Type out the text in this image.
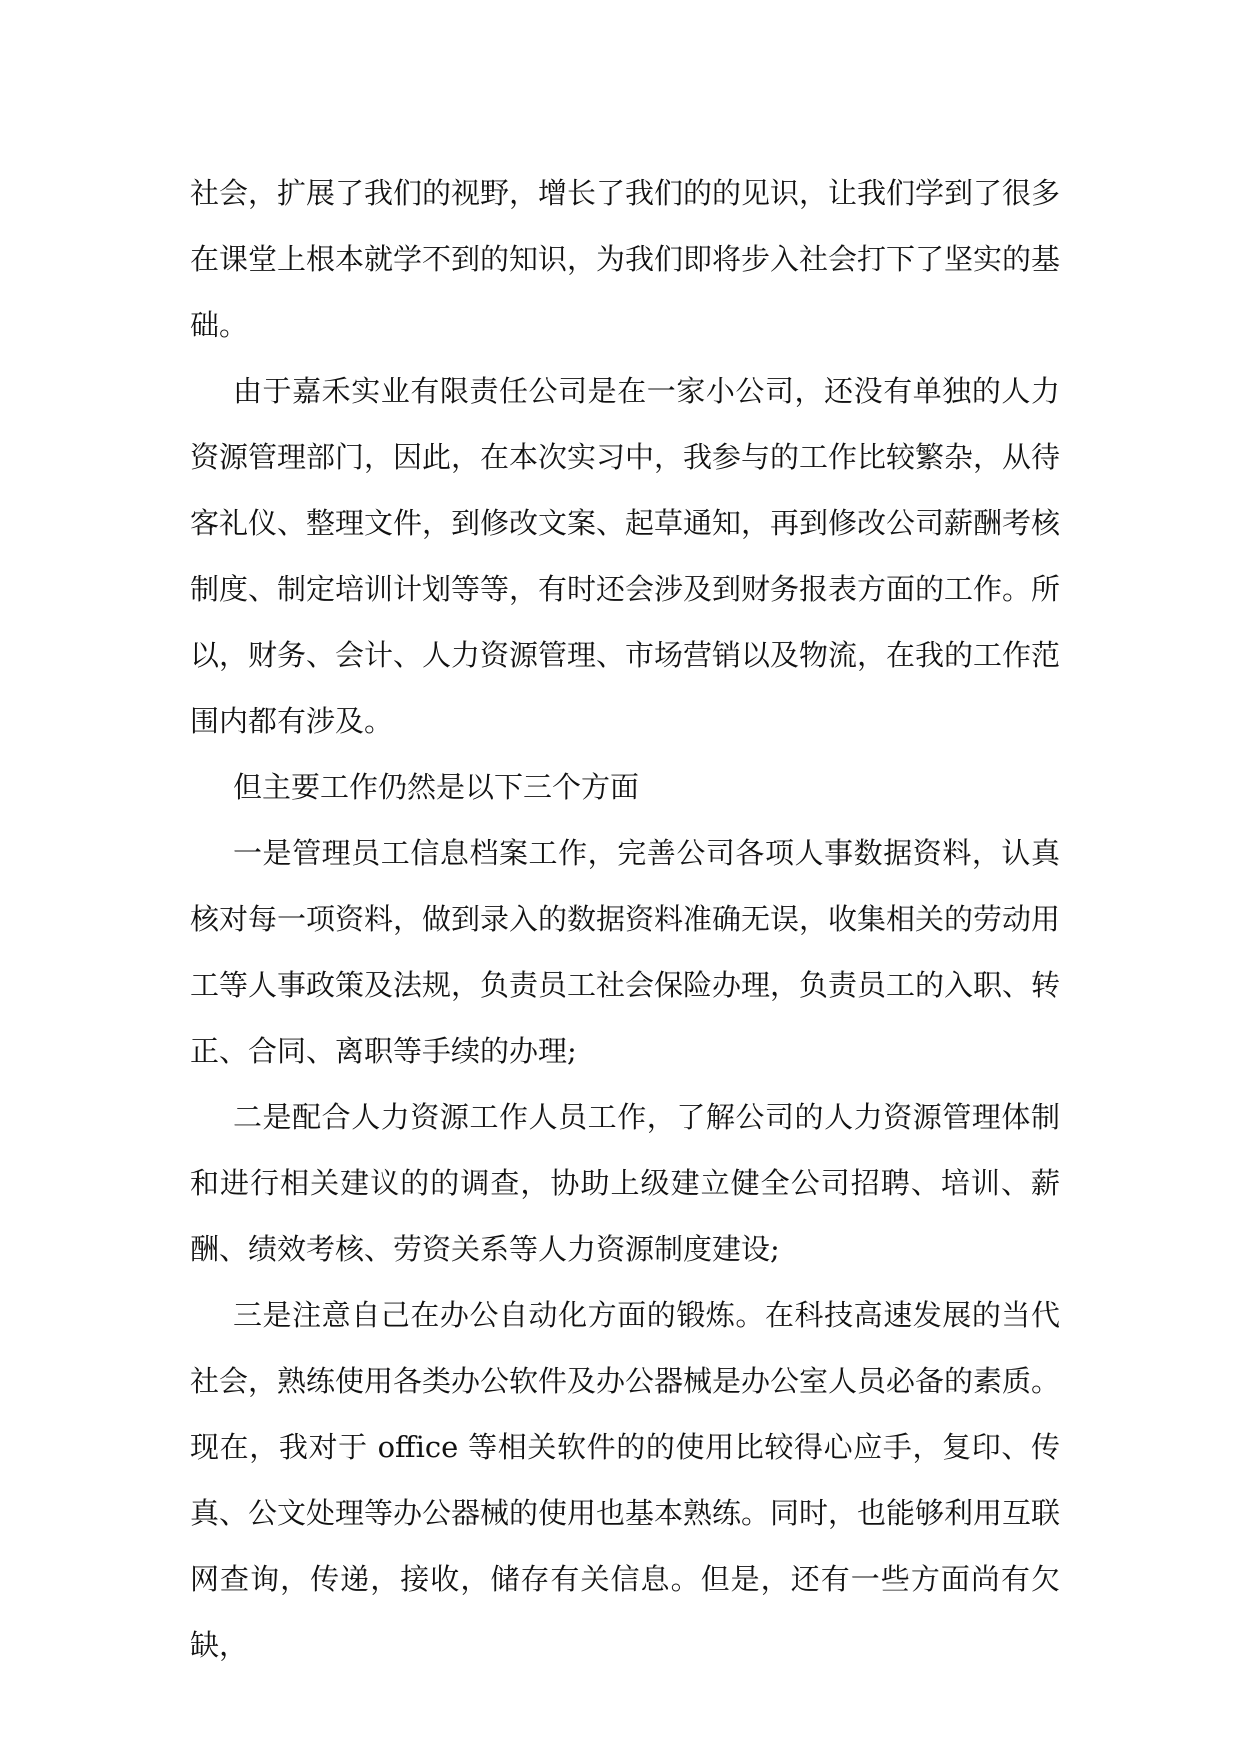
社会，扩展了我们的视野，增长了我们的的见识，让我们学到了很多在课堂上根本就学不到的知识，为我们即将步入社会打下了坚实的基础。

由于嘉禾实业有限责任公司是在一家小公司，还没有单独的人力资源管理部门，因此，在本次实习中，我参与的工作比较繁杂，从待客礼仪、整理文件，到修改文案、起草通知，再到修改公司薪酬考核制度、制定培训计划等等，有时还会涉及到财务报表方面的工作。所以，财务、会计、人力资源管理、市场营销以及物流，在我的工作范围内都有涉及。

但主要工作仍然是以下三个方面

一是管理员工信息档案工作，完善公司各项人事数据资料，认真核对每一项资料，做到录入的数据资料准确无误，收集相关的劳动用工等人事政策及法规，负责员工社会保险办理，负责员工的入职、转正、合同、离职等手续的办理;

二是配合人力资源工作人员工作，了解公司的人力资源管理体制和进行相关建议的的调查，协助上级建立健全公司招聘、培训、薪酬、绩效考核、劳资关系等人力资源制度建设;

三是注意自己在办公自动化方面的锻炼。在科技高速发展的当代社会，熟练使用各类办公软件及办公器械是办公室人员必备的素质。现在，我对于 office 等相关软件的的使用比较得心应手，复印、传真、公文处理等办公器械的使用也基本熟练。同时，也能够利用互联网查询，传递，接收，储存有关信息。但是，还有一些方面尚有欠缺，
